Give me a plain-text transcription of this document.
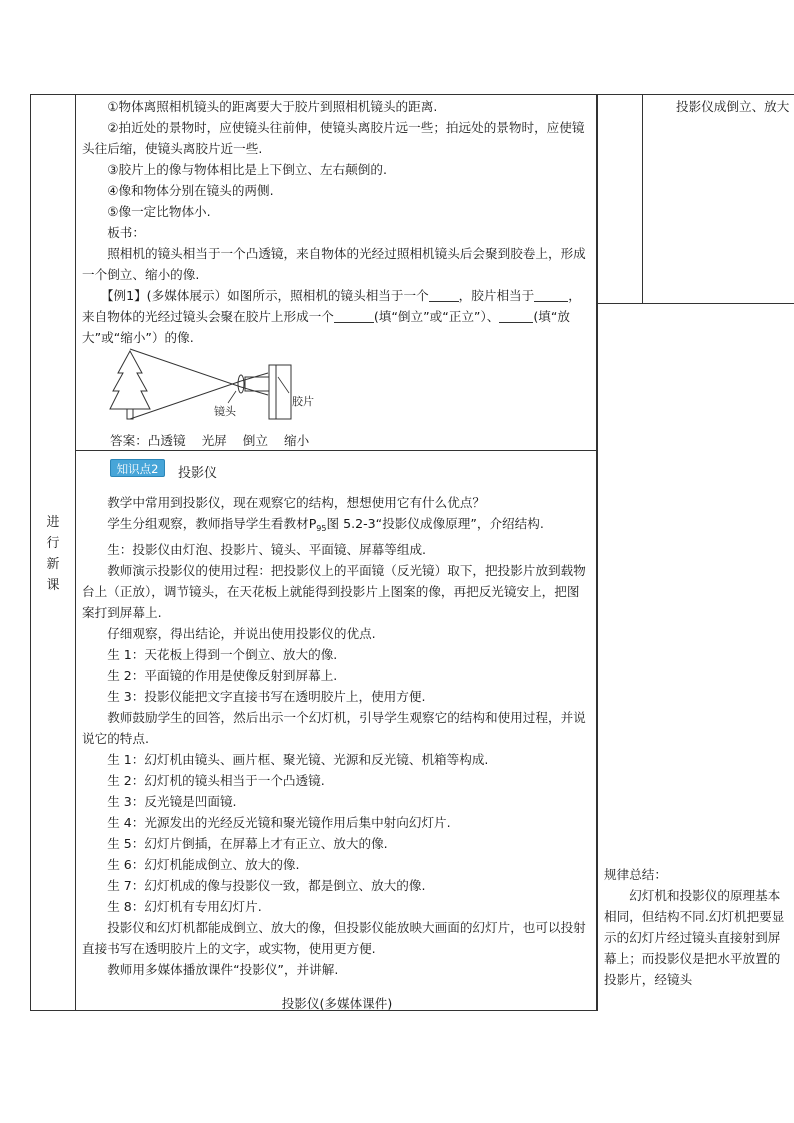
进
行
新
课

①物体离照相机镜头的距离要大于胶片到照相机镜头的距离.

②拍近处的景物时，应使镜头往前伸，使镜头离胶片远一些；拍远处的景物时，应使镜头往后缩，使镜头离胶片近一些.

③胶片上的像与物体相比是上下倒立、左右颠倒的.

④像和物体分别在镜头的两侧.

⑤像一定比物体小.

板书：

照相机的镜头相当于一个凸透镜，来自物体的光经过照相机镜头后会聚到胶卷上，形成一个倒立、缩小的像.

【例1】(多媒体展示）如图所示，照相机的镜头相当于一个 ，胶片相当于	，来自物体的光经过镜头会聚在胶片上形成一个	(填“倒立”或“正立”）、	(填“放大”或“缩小”）的像.

镜头
胶片
答案：凸透镜 光屏 倒立 缩小
知识点2	投影仪

教学中常用到投影仪，现在观察它的结构，想想使用它有什么优点？

学生分组观察，教师指导学生看教材$P_{95}$图 5.2-3“投影仪成像原理”，介绍结构.

生：投影仪由灯泡、投影片、镜头、平面镜、屏幕等组成.

教师演示投影仪的使用过程：把投影仪上的平面镜（反光镜）取下，把投影片放到载物台上（正放），调节镜头，在天花板上就能得到投影片上图案的像，再把反光镜安上，把图案打到屏幕上.

仔细观察，得出结论，并说出使用投影仪的优点.

生 1：天花板上得到一个倒立、放大的像.

生 2：平面镜的作用是使像反射到屏幕上.

生 3：投影仪能把文字直接书写在透明胶片上，使用方便.

教师鼓励学生的回答，然后出示一个幻灯机，引导学生观察它的结构和使用过程，并说说它的特点.

生 1：幻灯机由镜头、画片框、聚光镜、光源和反光镜、机箱等构成.

生 2：幻灯机的镜头相当于一个凸透镜.

生 3：反光镜是凹面镜.

生 4：光源发出的光经反光镜和聚光镜作用后集中射向幻灯片.

生 5：幻灯片倒插，在屏幕上才有正立、放大的像.

生 6：幻灯机能成倒立、放大的像.

生 7：幻灯机成的像与投影仪一致，都是倒立、放大的像.

生 8：幻灯机有专用幻灯片.

投影仪和幻灯机都能成倒立、放大的像，但投影仪能放映大画面的幻灯片，也可以投射直接书写在透明胶片上的文字，或实物，使用更方便.

教师用多媒体播放课件“投影仪”，并讲解.

投影仪(多媒体课件)
投影仪成倒立、放大

规律总结：

幻灯机和投影仪的原理基本相同，但结构不同.幻灯机把要显示的幻灯片经过镜头直接射到屏幕上；而投影仪是把水平放置的投影片，经镜头
